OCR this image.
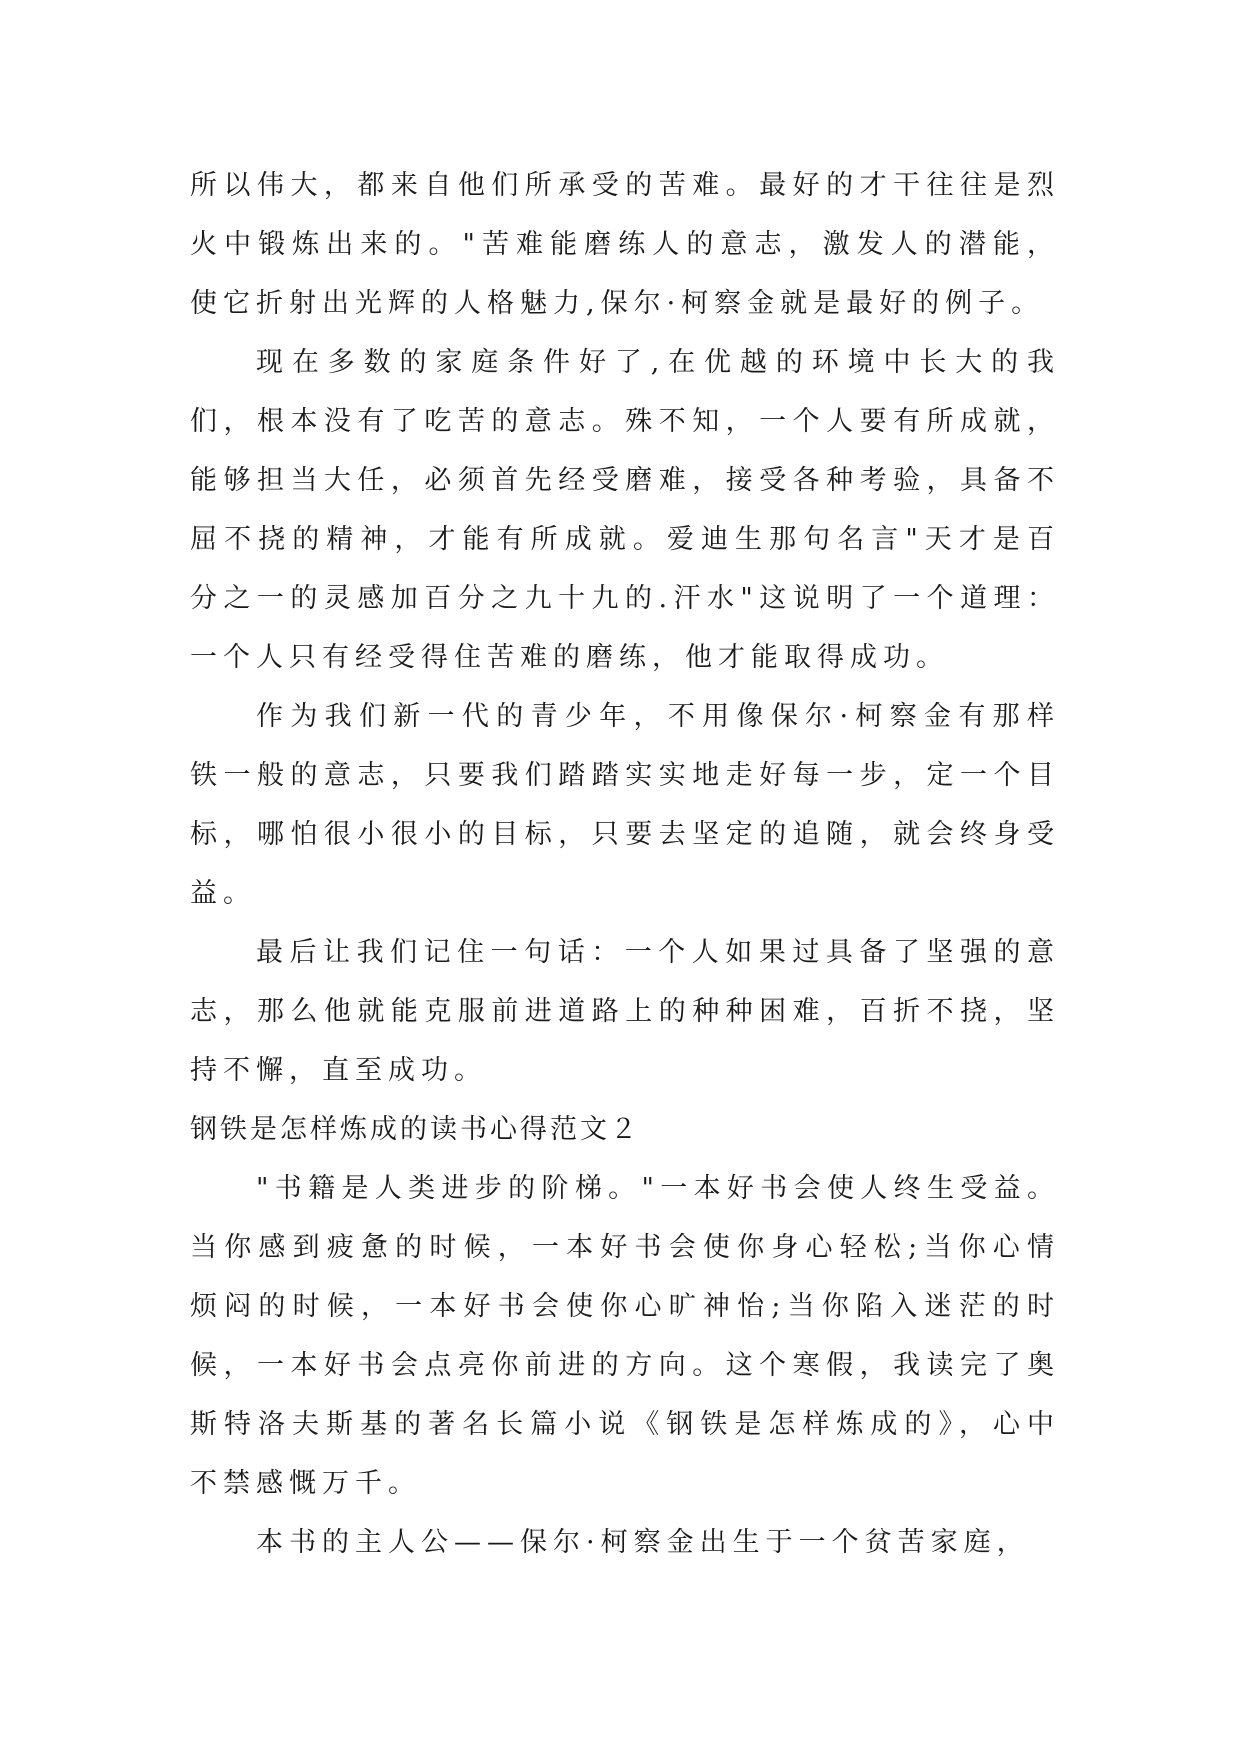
所以伟大，都来自他们所承受的苦难。最好的才干往往是烈火中锻炼出来的。"苦难能磨练人的意志，激发人的潜能，使它折射出光辉的人格魅力,保尔·柯察金就是最好的例子。

现在多数的家庭条件好了,在优越的环境中长大的我们，根本没有了吃苦的意志。殊不知，一个人要有所成就，能够担当大任，必须首先经受磨难，接受各种考验，具备不屈不挠的精神，才能有所成就。爱迪生那句名言"天才是百分之一的灵感加百分之九十九的.汗水"这说明了一个道理：一个人只有经受得住苦难的磨练，他才能取得成功。

作为我们新一代的青少年，不用像保尔·柯察金有那样铁一般的意志，只要我们踏踏实实地走好每一步，定一个目标，哪怕很小很小的目标，只要去坚定的追随，就会终身受益。

最后让我们记住一句话：一个人如果过具备了坚强的意志，那么他就能克服前进道路上的种种困难，百折不挠，坚持不懈，直至成功。

钢铁是怎样炼成的读书心得范文２

"书籍是人类进步的阶梯。"一本好书会使人终生受益。当你感到疲惫的时候，一本好书会使你身心轻松;当你心情烦闷的时候，一本好书会使你心旷神怡;当你陷入迷茫的时候，一本好书会点亮你前进的方向。这个寒假，我读完了奥斯特洛夫斯基的著名长篇小说《钢铁是怎样炼成的》，心中不禁感慨万千。

本书的主人公——保尔·柯察金出生于一个贫苦家庭，
